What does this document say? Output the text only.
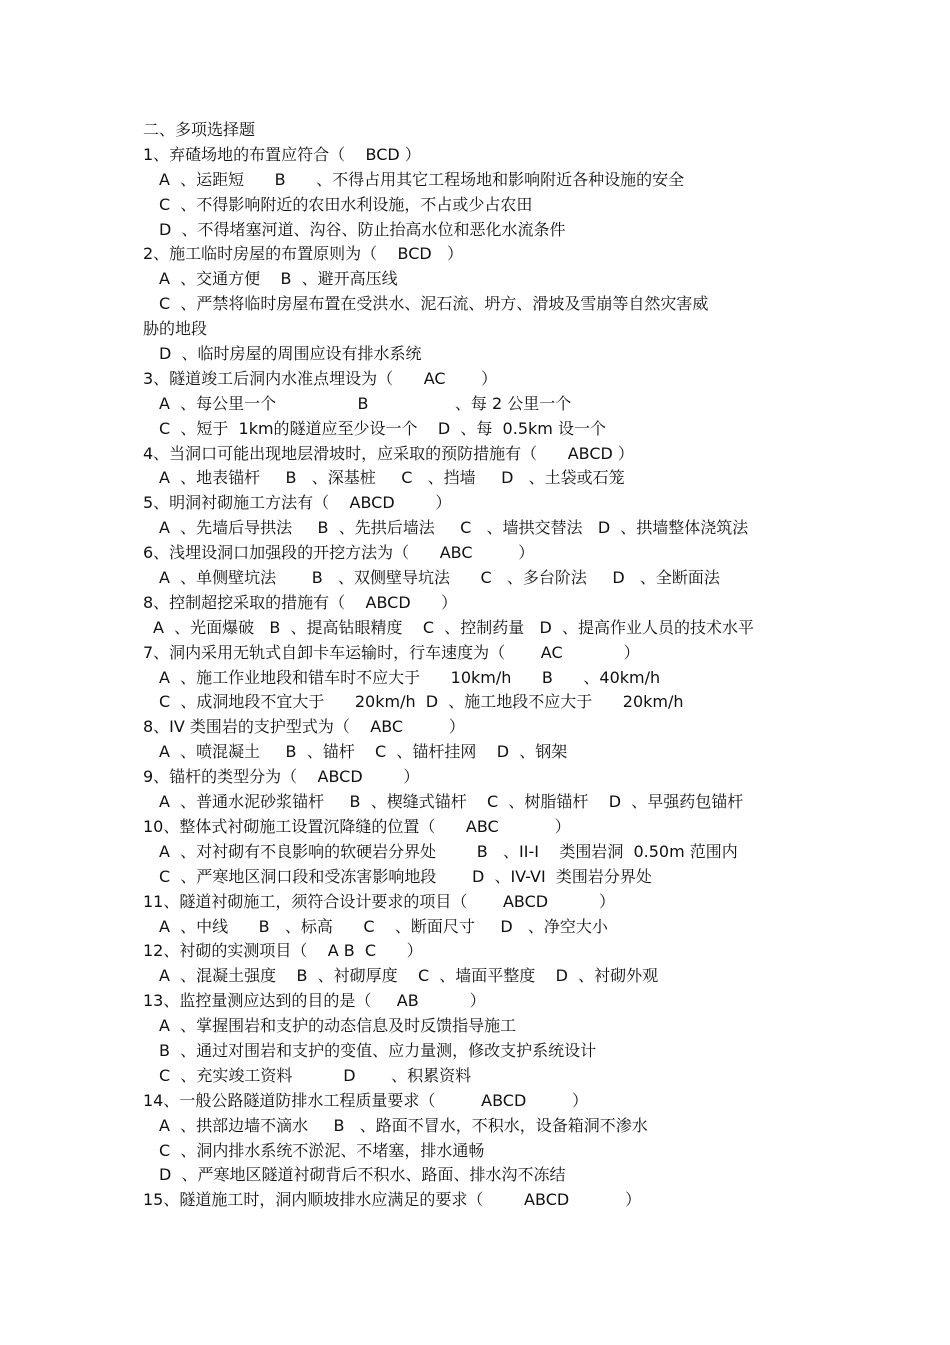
二、多项选择题
1、弃碴场地的布置应符合（    BCD ）
A  、运距短      B      、不得占用其它工程场地和影响附近各种设施的安全
C  、不得影响附近的农田水利设施，不占或少占农田
D  、不得堵塞河道、沟谷、防止抬高水位和恶化水流条件
2、施工临时房屋的布置原则为（    BCD   ）
A  、交通方便    B  、避开高压线
C  、严禁将临时房屋布置在受洪水、泥石流、坍方、滑坡及雪崩等自然灾害威
胁的地段
D  、临时房屋的周围应设有排水系统
3、隧道竣工后洞内水准点埋设为（      AC       ）
A  、每公里一个                B                 、每 2 公里一个
C  、短于  1km的隧道应至少设一个    D  、每  0.5km 设一个
4、当洞口可能出现地层滑坡时，应采取的预防措施有（      ABCD ）
A  、地表锚杆     B   、深基桩     C   、挡墙     D   、土袋或石笼
5、明洞衬砌施工方法有（    ABCD        ）
A  、先墙后导拱法     B  、先拱后墙法     C   、墙拱交替法   D  、拱墙整体浇筑法
6、浅埋设洞口加强段的开挖方法为（      ABC         ）
A  、单侧壁坑法       B   、双侧壁导坑法      C   、多台阶法     D   、全断面法
8、控制超挖采取的措施有（    ABCD      ）
A  、光面爆破   B  、提高钻眼精度    C  、控制药量   D  、提高作业人员的技术水平
7、洞内采用无轨式自卸卡车运输时，行车速度为（       AC            ）
A  、施工作业地段和错车时不应大于      10km/h      B      、40km/h
C  、成洞地段不宜大于      20km/h  D  、施工地段不应大于      20km/h
8、IV 类围岩的支护型式为（    ABC         ）
A  、喷混凝土     B  、锚杆    C  、锚杆挂网    D  、钢架
9、锚杆的类型分为（    ABCD        ）
A  、普通水泥砂浆锚杆     B  、楔缝式锚杆    C  、树脂锚杆    D  、早强药包锚杆
10、整体式衬砌施工设置沉降缝的位置（      ABC           ）
A  、对衬砌有不良影响的软硬岩分界处        B   、II-I    类围岩洞  0.50m 范围内
C  、严寒地区洞口段和受冻害影响地段       D  、IV-VI  类围岩分界处
11、隧道衬砌施工，须符合设计要求的项目（       ABCD          ）
A  、中线      B   、标高      C    、断面尺寸     D   、净空大小
12、衬砌的实测项目（    A B  C      ）
A  、混凝土强度    B  、衬砌厚度    C  、墙面平整度    D  、衬砌外观
13、监控量测应达到的目的是（     AB          ）
A  、掌握围岩和支护的动态信息及时反馈指导施工
B  、通过对围岩和支护的变值、应力量测，修改支护系统设计
C  、充实竣工资料          D       、积累资料
14、一般公路隧道防排水工程质量要求（         ABCD         ）
A  、拱部边墙不滴水     B   、路面不冒水，不积水，设备箱洞不渗水
C  、洞内排水系统不淤泥、不堵塞，排水通畅
D  、严寒地区隧道衬砌背后不积水、路面、排水沟不冻结
15、隧道施工时，洞内顺坡排水应满足的要求（        ABCD           ）
